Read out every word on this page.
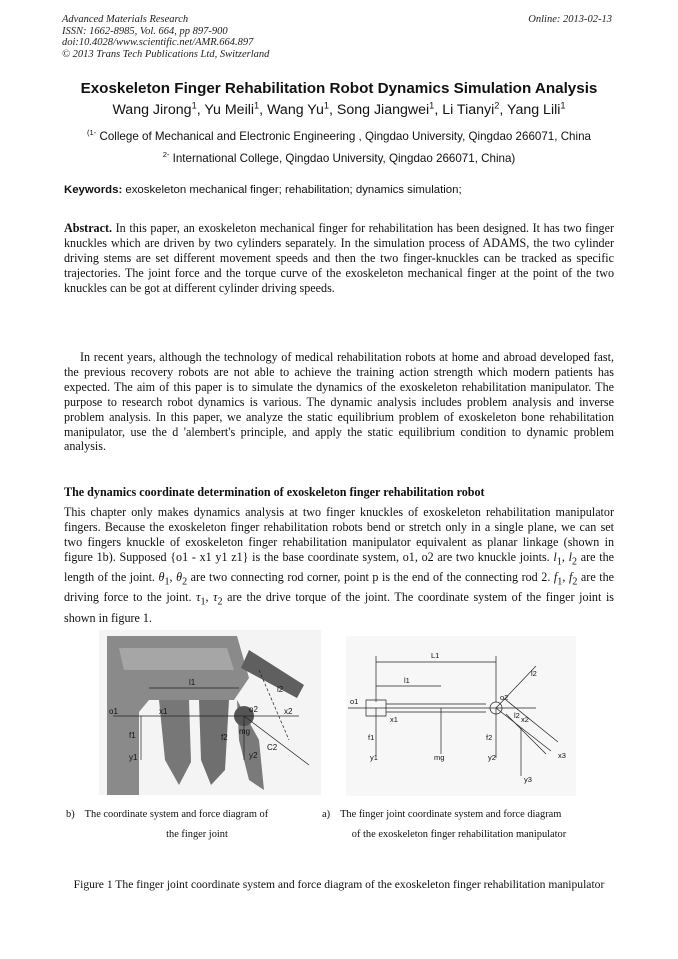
Advanced Materials Research
ISSN: 1662-8985, Vol. 664, pp 897-900
doi:10.4028/www.scientific.net/AMR.664.897
© 2013 Trans Tech Publications Ltd, Switzerland
Online: 2013-02-13
Exoskeleton Finger Rehabilitation Robot Dynamics Simulation Analysis
Wang Jirong$^1$, Yu Meili$^1$, Wang Yu$^1$, Song Jiangwei$^1$, Li Tianyi$^2$, Yang Lili$^1$
$^{(1-}$ College of Mechanical and Electronic Engineering , Qingdao University, Qingdao 266071, China
$^{2-}$ International College, Qingdao University, Qingdao 266071, China)
Keywords: exoskeleton mechanical finger; rehabilitation; dynamics simulation;
Abstract. In this paper, an exoskeleton mechanical finger for rehabilitation has been designed. It has two finger knuckles which are driven by two cylinders separately. In the simulation process of ADAMS, the two cylinder driving stems are set different movement speeds and then the two finger-knuckles can be tracked as specific trajectories. The joint force and the torque curve of the exoskeleton mechanical finger at the point of the two knuckles can be got at different cylinder driving speeds.
In recent years, although the technology of medical rehabilitation robots at home and abroad developed fast, the previous recovery robots are not able to achieve the training action strength which modern patients has expected. The aim of this paper is to simulate the dynamics of the exoskeleton rehabilitation manipulator. The purpose to research robot dynamics is various. The dynamic analysis includes problem analysis and inverse problem analysis. In this paper, we analyze the static equilibrium problem of exoskeleton bone rehabilitation manipulator, use the d 'alembert's principle, and apply the static equilibrium condition to dynamic problem analysis.
The dynamics coordinate determination of exoskeleton finger rehabilitation robot
This chapter only makes dynamics analysis at two finger knuckles of exoskeleton rehabilitation manipulator fingers. Because the exoskeleton finger rehabilitation robots bend or stretch only in a single plane, we can set two fingers knuckle of exoskeleton finger rehabilitation manipulator equivalent as planar linkage (shown in figure 1b). Supposed {o1 - x1 y1 z1} is the base coordinate system, o1, o2 are two knuckle joints. $l_1$, $l_2$ are the length of the joint. $\theta_1$, $\theta_2$ are two connecting rod corner, point p is the end of the connecting rod 2. $f_1$, $f_2$ are the driving force to the joint. $\tau_1$, $\tau_2$ are the drive torque of the joint. The coordinate system of the finger joint is shown in figure 1.
o1	x1
y1
f1
o2	x2
y2
f2
mg
l1
l2
C2
L1
l2
l1
x1
y1
f1
x2
y2
f2
mg
l2
x3
y3
o1	o2
b) The coordinate system and force diagram of
the finger joint
a) The finger joint coordinate system and force diagram
of the exoskeleton finger rehabilitation manipulator
Figure 1 The finger joint coordinate system and force diagram of the exoskeleton finger rehabilitation manipulator
